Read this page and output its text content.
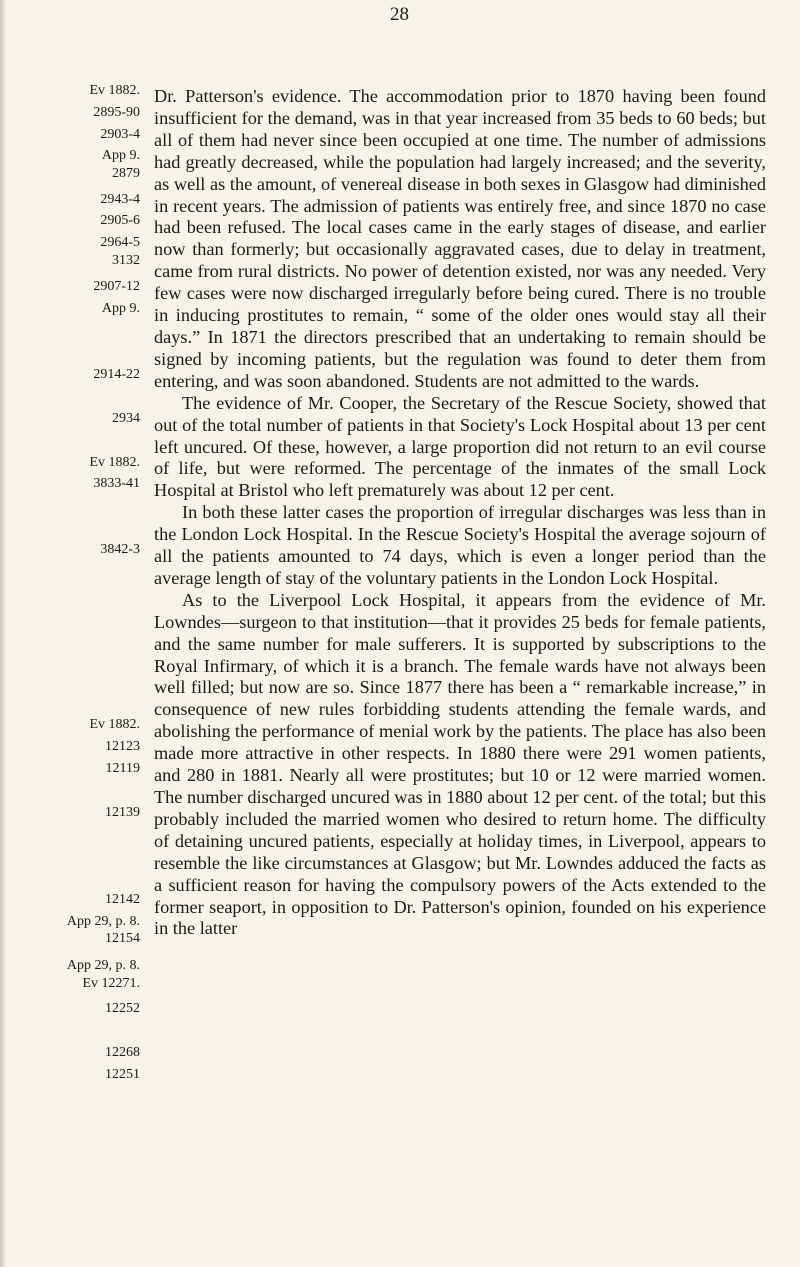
28
Ev 1882.
2895-90
2903-4
App 9.
2879
2943-4
2905-6
2964-5
3132
2907-12
App 9.
2914-22
2934
Ev 1882.
3833-41
3842-3
Ev 1882.
12123
12119
12139
12142
App 29, p. 8.
12154
App 29, p. 8.
Ev 12271.
12252
12268
12251

Dr. Patterson's evidence. The accommodation prior to 1870 having been found insufficient for the demand, was in that year increased from 35 beds to 60 beds; but all of them had never since been occupied at one time. The number of admissions had greatly decreased, while the population had largely increased; and the severity, as well as the amount, of venereal disease in both sexes in Glasgow had diminished in recent years. The admission of patients was entirely free, and since 1870 no case had been refused. The local cases came in the early stages of disease, and earlier now than formerly; but occasionally aggravated cases, due to delay in treatment, came from rural districts. No power of detention existed, nor was any needed. Very few cases were now discharged irregularly before being cured. There is no trouble in inducing prostitutes to remain, “ some of the older ones would stay all their days.” In 1871 the directors prescribed that an undertaking to remain should be signed by incoming patients, but the regulation was found to deter them from entering, and was soon abandoned. Students are not admitted to the wards.

The evidence of Mr. Cooper, the Secretary of the Rescue Society, showed that out of the total number of patients in that Society's Lock Hospital about 13 per cent left uncured. Of these, however, a large proportion did not return to an evil course of life, but were reformed. The percentage of the inmates of the small Lock Hospital at Bristol who left prematurely was about 12 per cent.

In both these latter cases the proportion of irregular discharges was less than in the London Lock Hospital. In the Rescue Society's Hospital the average sojourn of all the patients amounted to 74 days, which is even a longer period than the average length of stay of the voluntary patients in the London Lock Hospital.

As to the Liverpool Lock Hospital, it appears from the evidence of Mr. Lowndes—surgeon to that institution—that it provides 25 beds for female patients, and the same number for male sufferers. It is supported by subscriptions to the Royal Infirmary, of which it is a branch. The female wards have not always been well filled; but now are so. Since 1877 there has been a “ remarkable increase,” in consequence of new rules forbidding students attending the female wards, and abolishing the performance of menial work by the patients. The place has also been made more attractive in other respects. In 1880 there were 291 women patients, and 280 in 1881. Nearly all were prostitutes; but 10 or 12 were married women. The number discharged uncured was in 1880 about 12 per cent. of the total; but this probably included the married women who desired to return home. The difficulty of detaining uncured patients, especially at holiday times, in Liverpool, appears to resemble the like circumstances at Glasgow; but Mr. Lowndes adduced the facts as a sufficient reason for having the compulsory powers of the Acts extended to the former seaport, in opposition to Dr. Patterson's opinion, founded on his experience in the latter
